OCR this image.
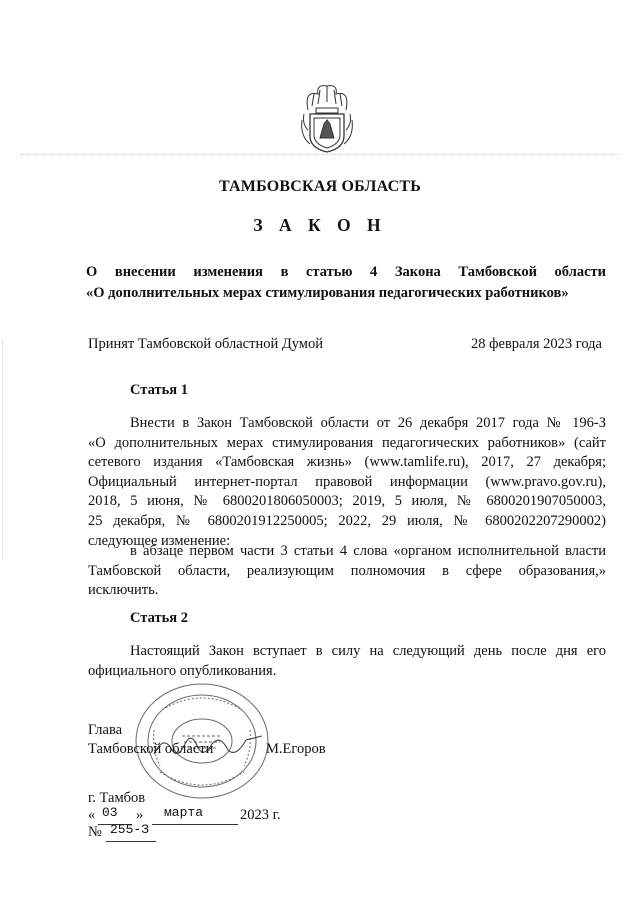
ТАМБОВСКАЯ ОБЛАСТЬ
З А К О Н
О внесении изменения в статью 4 Закона Тамбовской области
«О дополнительных мерах стимулирования педагогических работников»
Принят Тамбовской областной Думой	28 февраля 2023 года
Статья 1
Внести в Закон Тамбовской области от 26 декабря 2017 года № 196-З
«О дополнительных мерах стимулирования педагогических работников» (сайт
сетевого издания «Тамбовская жизнь» (www.tamlife.ru), 2017, 27 декабря;
Официальный интернет-портал правовой информации (www.pravo.gov.ru),
2018, 5 июня, № 6800201806050003; 2019, 5 июля, № 6800201907050003,
25 декабря, № 6800201912250005; 2022, 29 июля, № 6800202207290002)
следующее изменение:
в абзаце первом части 3 статьи 4 слова «органом исполнительной власти
Тамбовской области, реализующим полномочия в сфере образования,»
исключить.
Статья 2
Настоящий Закон вступает в силу на следующий день после дня его
официального опубликования.
Глава
Тамбовской области	М.Егоров
г. Тамбов
« 03 » марта	2023 г.
№ 255-З
